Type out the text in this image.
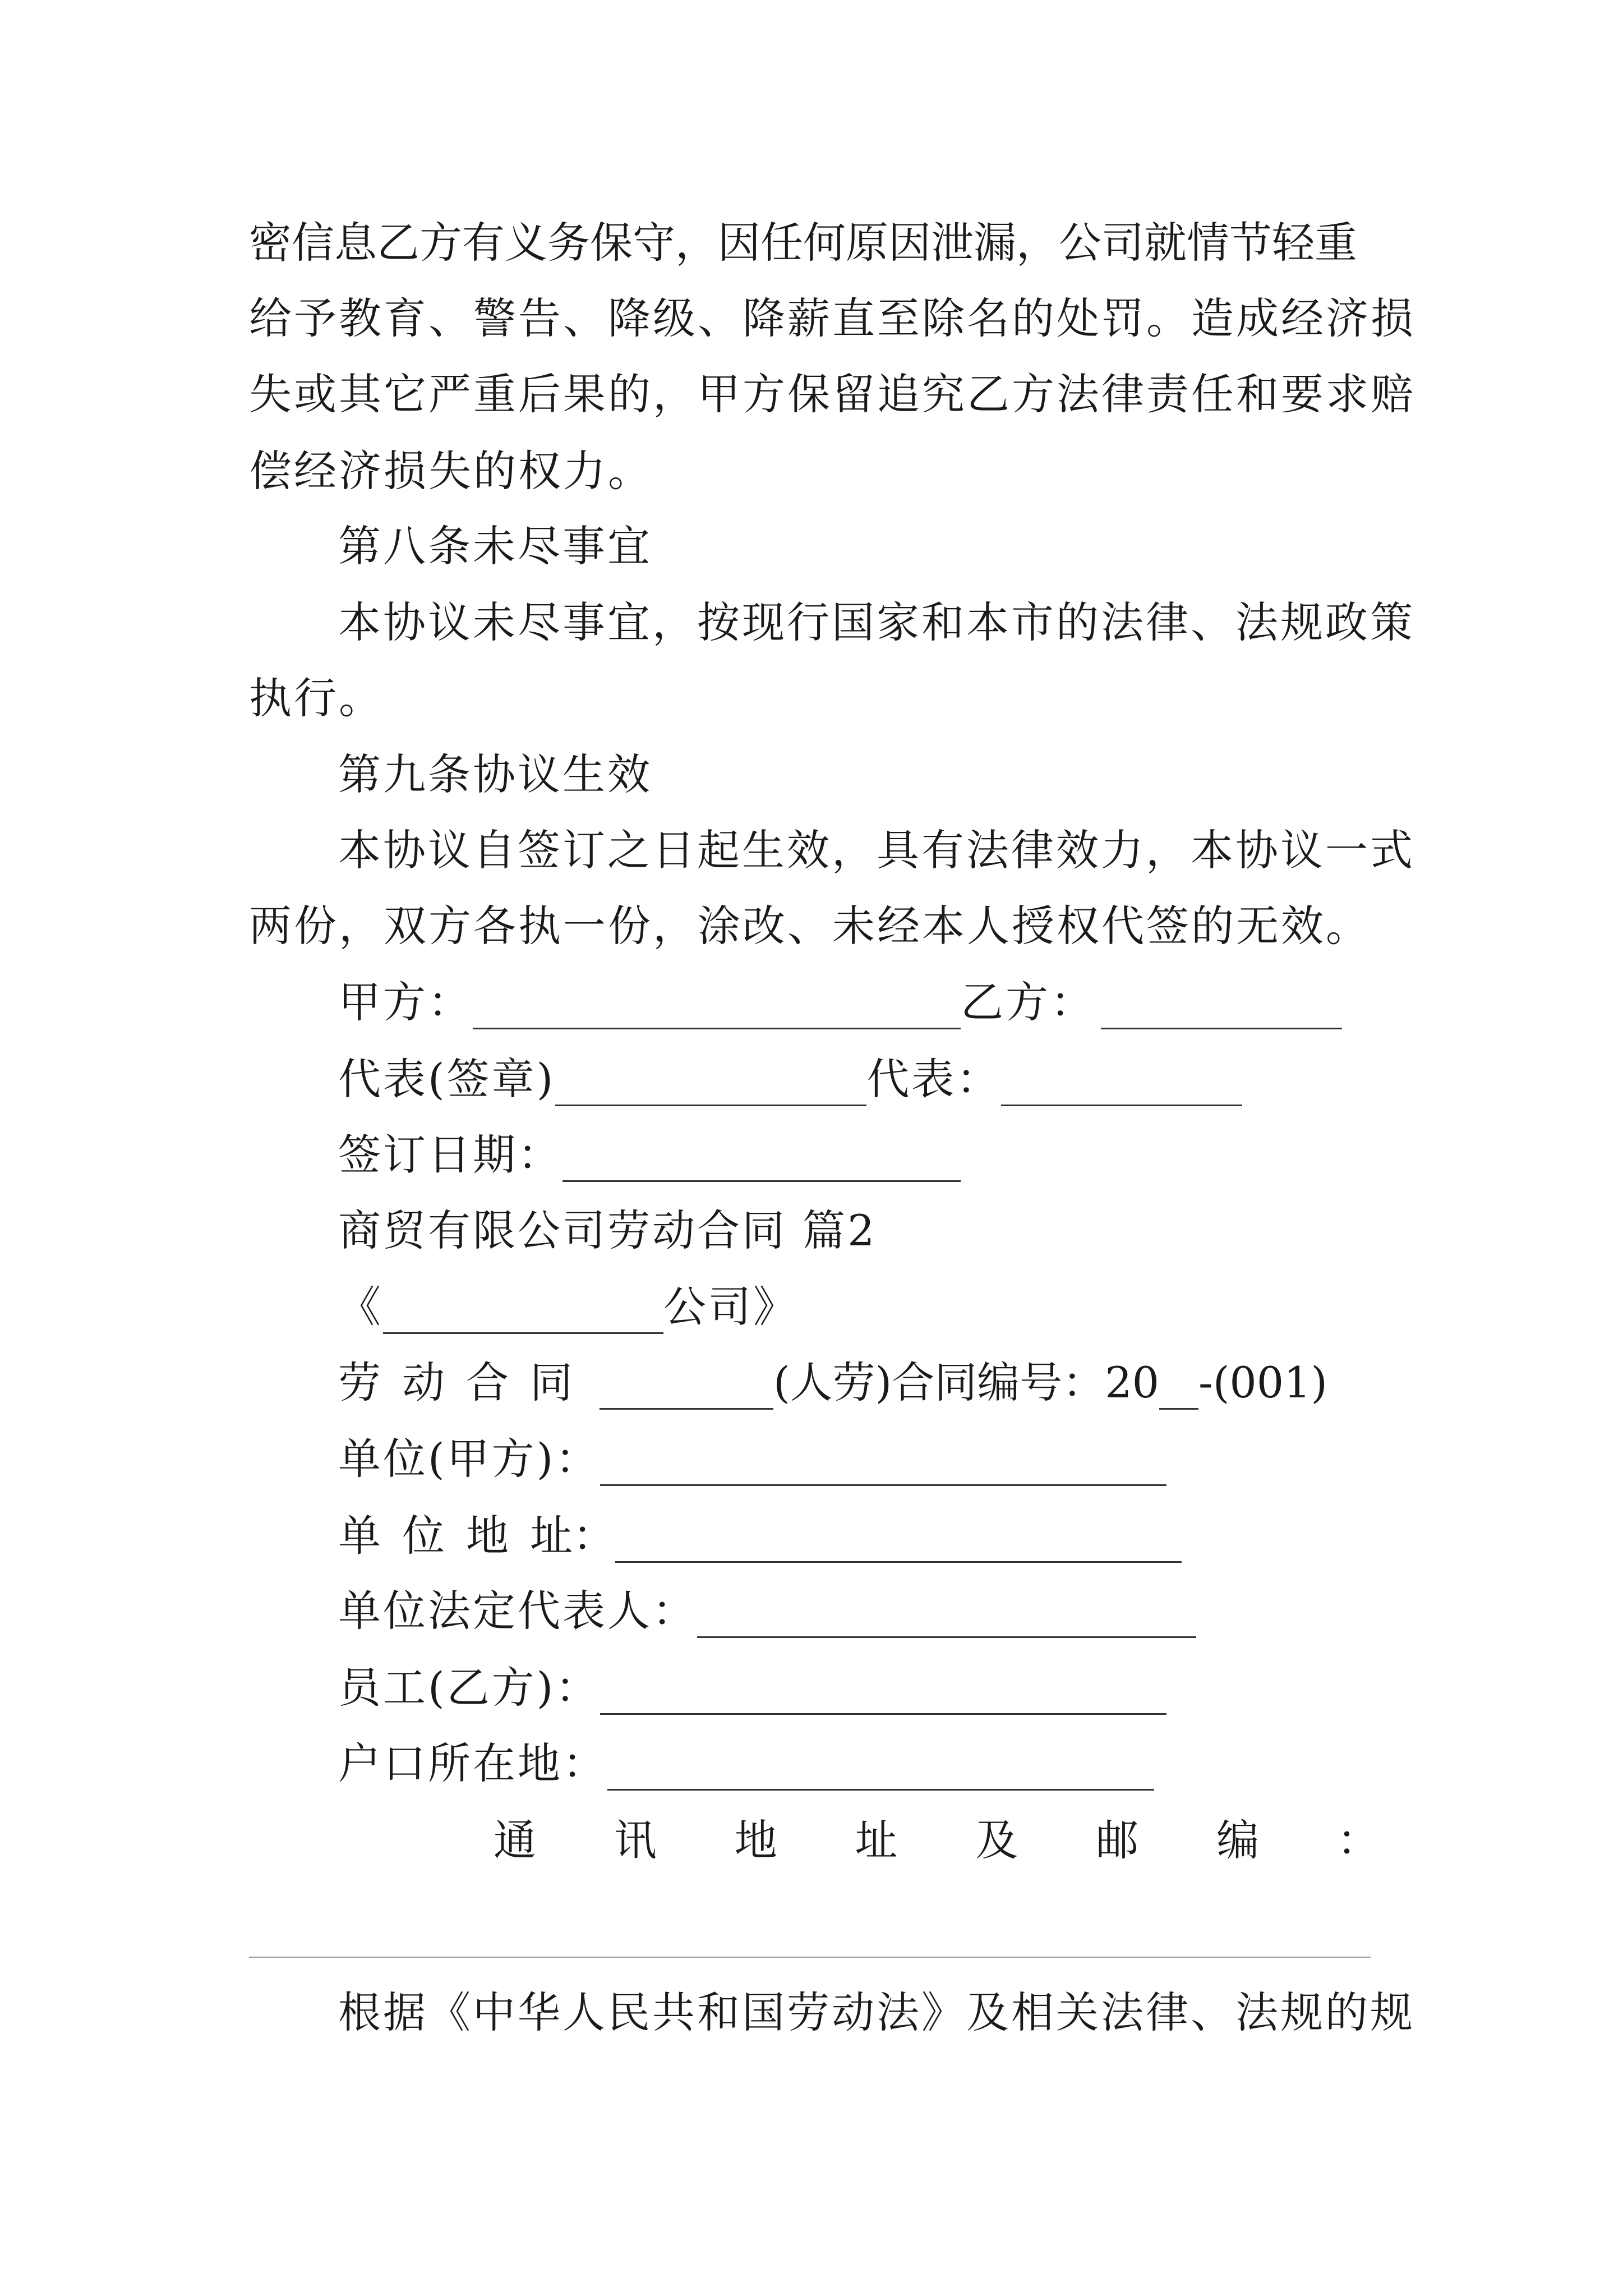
密信息乙方有义务保守，因任何原因泄漏，公司就情节轻重
给予教育、警告、降级、降薪直至除名的处罚。造成经济损
失或其它严重后果的，甲方保留追究乙方法律责任和要求赔
偿经济损失的权力。
第八条未尽事宜
本协议未尽事宜，按现行国家和本市的法律、法规政策
执行。
第九条协议生效
本协议自签订之日起生效，具有法律效力，本协议一式
两份，双方各执一份，涂改、未经本人授权代签的无效。
甲方：	乙方：
代表(签章)	代表：
签订日期：
商贸有限公司劳动合同 篇2
《	公司》
劳动合同	(人劳)合同编号：20 -(001)
单位(甲方)：
单位地址：
单位法定代表人：
员工(乙方)：
户口所在地：
通 讯 地 址 及 邮 编 ：
根据《中华人民共和国劳动法》及相关法律、法规的规
